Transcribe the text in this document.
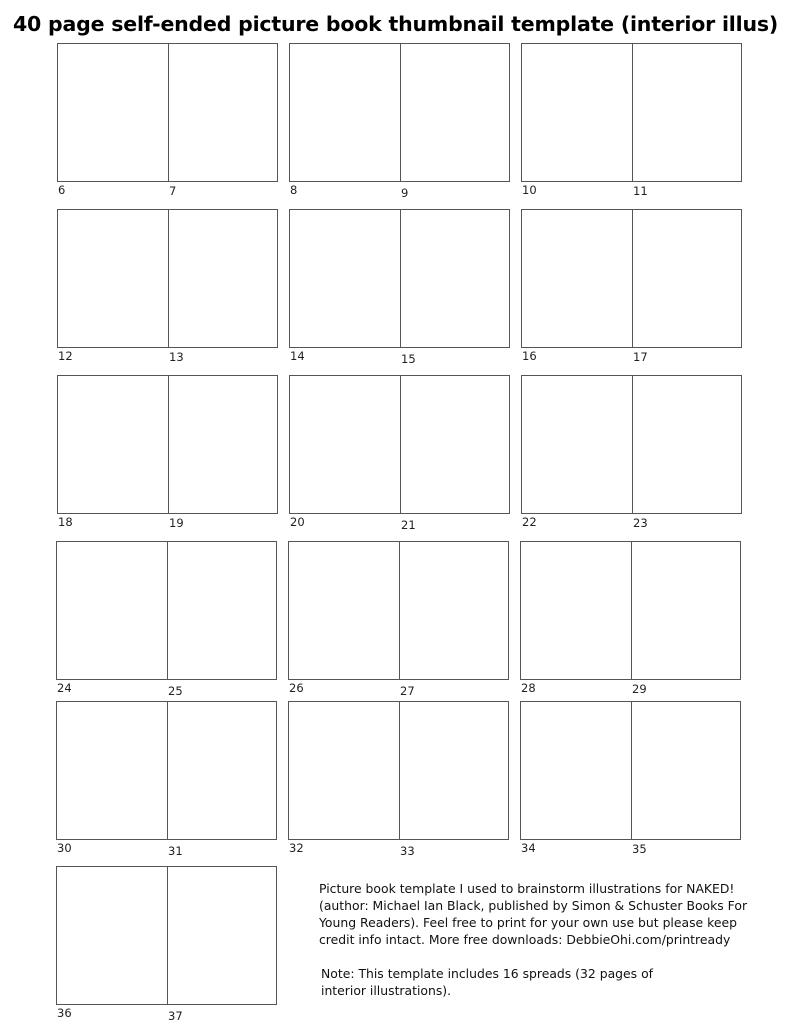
40 page self-ended picture book thumbnail template (interior illus)
6	7	8	9	10	11
12	13	14	15	16	17
18	19	20	21	22	23
24	25	26	27	28	29
30	31	32	33	34	35
36	37
Picture book template I used to brainstorm illustrations for NAKED!
(author: Michael Ian Black, published by Simon & Schuster Books For
Young Readers). Feel free to print for your own use but please keep
credit info intact. More free downloads: DebbieOhi.com/printready
Note: This template includes 16 spreads (32 pages of
interior illustrations).
